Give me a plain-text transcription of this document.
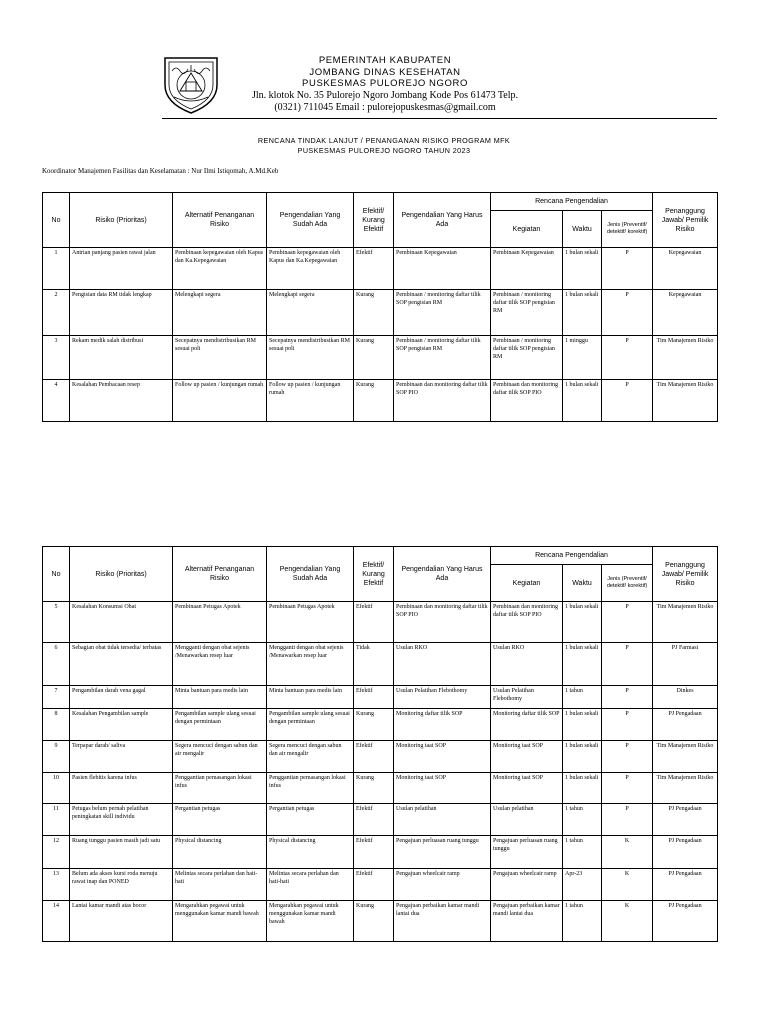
PEMERINTAH KABUPATEN
JOMBANG DINAS KESEHATAN
PUSKESMAS PULOREJO NGORO
Jln. klotok No. 35 Pulorejo Ngoro Jombang Kode Pos 61473 Telp.
(0321) 711045 Email : pulorejopuskesmas@gmail.com
RENCANA TINDAK LANJUT / PENANGANAN RISIKO PROGRAM MFK
PUSKESMAS PULOREJO NGORO TAHUN 2023
Koordinator Manajemen Fasilitas dan Keselamatan : Nur Ilmi Istiqomah, A.Md.Keb
No	Risiko (Prioritas)	Alternatif Penanganan Risiko	Pengendalian Yang Sudah Ada	Efektif/ Kurang Efektif	Pengendalian Yang Harus Ada	Rencana Pengendalian			Penanggung Jawab/ Pemilik Risiko
						Kegiatan	Waktu	Jenis (Preventif/ detektif/ korektif)	
1	Antrian panjang pasien rawat jalan	Pembinaan kepegawaian oleh Kapus dan Ka.Kepegawaian	Pembinaan kepegawaian oleh Kapus dan Ka.Kepegawaian	Efektif	Pembinaan Kepegawaian	Pembinaan Kepegawaian	1 bulan sekali	P	Kepegawaian
2	Pengisian data RM tidak lengkap	Melengkapi segera	Melengkapi segera	Kurang	Pembinaan / monitoring daftar tilik SOP pengisian RM	Pembinaan / monitoring daftar tilik SOP pengisian RM	1 bulan sekali	P	Kepegawaian
3	Rekam medik salah distribusi	Secepatnya mendistribusikan RM sesuai poli	Secepatnya mendistribusikan RM sesuai poli	Kurang	Pembinaan / monitoring daftar tilik SOP pengisian RM	Pembinaan / monitoring daftar tilik SOP pengisian RM	1 minggu	P	Tim Manajemen Risiko
4	Kesalahan Pembacaan resep	Follow up pasien / kunjungan rumah	Follow up pasien / kunjungan rumah	Kurang	Pembinaan dan monitoring daftar tilik SOP PIO	Pembinaan dan monitoring daftar tilik SOP PIO	1 bulan sekali	P	Tim Manajemen Risiko
No	Risiko (Prioritas)	Alternatif Penanganan Risiko	Pengendalian Yang Sudah Ada	Efektif/ Kurang Efektif	Pengendalian Yang Harus Ada	Rencana Pengendalian			Penanggung Jawab/ Pemilik Risiko
						Kegiatan	Waktu	Jenis (Preventif/ detektif/ korektif)	
5	Kesalahan Konsumsi Obat	Pembinaan Petugas Apotek	Pembinaan Petugas Apotek	Efektif	Pembinaan dan monitoring daftar tilik SOP PIO	Pembinaan dan monitoring daftar tilik SOP PIO	1 bulan sekali	P	Tim Manajemen Risiko
6	Sebagian obat tidak tersedia/ terbatas	Mengganti dengan obat sejenis /Menawarkan resep luar	Mengganti dengan obat sejenis /Menawarkan resep luar	Tidak	Usulan RKO	Usulan RKO	1 bulan sekali	P	PJ Farmasi
7	Pengambilan darah vena gagal	Minta bantuan para medis lain	Minta bantuan para medis lain	Efektif	Usulan Pelatihan Flebothomy	Usulan Pelatihan Flebothomy	1 tahun	P	Dinkes
8	Kesalahan Pengambilan sample	Pengambilan sample ulang sesuai dengan permintaan	Pengambilan sample ulang sesuai dengan permintaan	Kurang	Monitoring daftar tilik SOP	Monitoring daftar tilik SOP	1 bulan sekali	P	PJ Pengadaan
9	Terpapar darah/ saliva	Segera mencuci dengan sabun dan air mengalir	Segera mencuci dengan sabun dan air mengalir	Efektif	Monitoring taat SOP	Monitoring taat SOP	1 bulan sekali	P	Tim Manajemen Risiko
10	Pasien flebitis karena infus	Penggantian pemasangan lokasi infus	Penggantian pemasangan lokasi infus	Kurang	Monitoring taat SOP	Monitoring taat SOP	1 bulan sekali	P	Tim Manajemen Risiko
11	Petugas belum pernah pelatihan peningkatan skill individu	Pergantian petugas	Pergantian petugas	Efektif	Usulan pelatihan	Usulan pelatihan	1 tahun	P	PJ Pengadaan
12	Ruang tunggu pasien masih jadi satu	Physical distancing	Physical distancing	Efektif	Pengajuan perluasan ruang tunggu	Pengajuan perluasan ruang tunggu	1 tahun	K	PJ Pengadaan
13	Belum ada akses kursi roda menuju rawat inap dan PONED	Melintas secara perlahan dan hati-hati	Melintas secara perlahan dan hati-hati	Efektif	Pengajuan wheelcair ramp	Pengajuan wheelcair ramp	Apr-23	K	PJ Pengadaan
14	Lantai kamar mandi atas bocor	Mengarahkan pegawai untuk menggunakan kamar mandi bawah	Mengarahkan pegawai untuk menggunakan kamar mandi bawah	Kurang	Pengajuan perbaikan kamar mandi lantai dua	Pengajuan perbaikan kamar mandi lantai dua	1 tahun	K	PJ Pengadaan
